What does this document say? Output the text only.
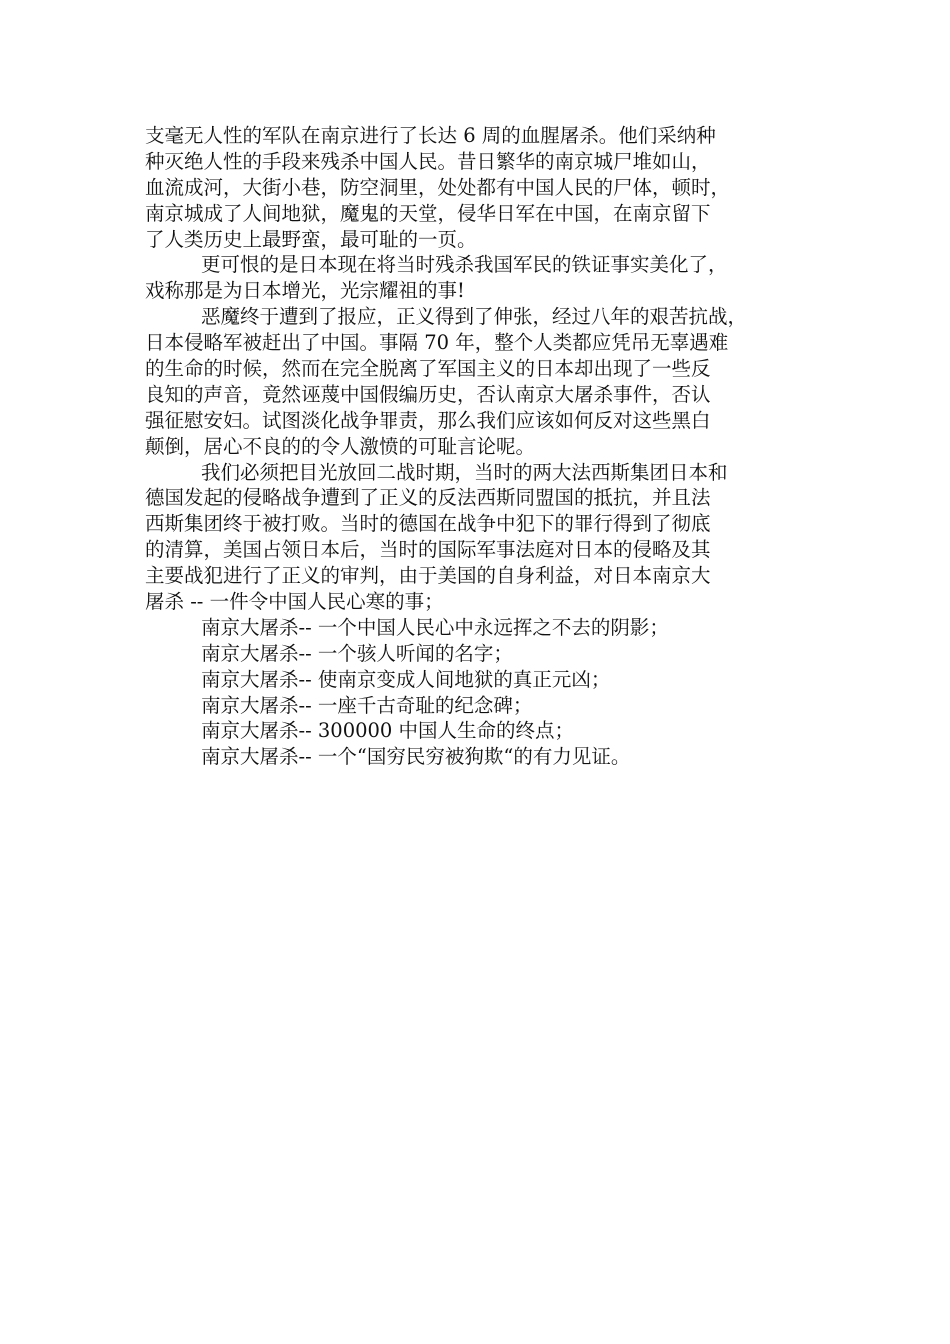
支毫无人性的军队在南京进行了长达 6 周的血腥屠杀。他们采纳种
种灭绝人性的手段来残杀中国人民。昔日繁华的南京城尸堆如山，
血流成河，大街小巷，防空洞里，处处都有中国人民的尸体，顿时，
南京城成了人间地狱，魔鬼的天堂，侵华日军在中国，在南京留下
了人类历史上最野蛮，最可耻的一页。
更可恨的是日本现在将当时残杀我国军民的铁证事实美化了，
戏称那是为日本增光，光宗耀祖的事!
恶魔终于遭到了报应，正义得到了伸张，经过八年的艰苦抗战，
日本侵略军被赶出了中国。事隔 70 年，整个人类都应凭吊无辜遇难
的生命的时候，然而在完全脱离了军国主义的日本却出现了一些反
良知的声音，竟然诬蔑中国假编历史，否认南京大屠杀事件，否认
强征慰安妇。试图淡化战争罪责，那么我们应该如何反对这些黑白
颠倒，居心不良的的令人激愤的可耻言论呢。
我们必须把目光放回二战时期，当时的两大法西斯集团日本和
德国发起的侵略战争遭到了正义的反法西斯同盟国的抵抗，并且法
西斯集团终于被打败。当时的德国在战争中犯下的罪行得到了彻底
的清算，美国占领日本后，当时的国际军事法庭对日本的侵略及其
主要战犯进行了正义的审判，由于美国的自身利益，对日本南京大
屠杀 -- 一件令中国人民心寒的事；
南京大屠杀-- 一个中国人民心中永远挥之不去的阴影；
南京大屠杀-- 一个骇人听闻的名字；
南京大屠杀-- 使南京变成人间地狱的真正元凶；
南京大屠杀-- 一座千古奇耻的纪念碑；
南京大屠杀-- 300000 中国人生命的终点；
南京大屠杀-- 一个“国穷民穷被狗欺“的有力见证。
